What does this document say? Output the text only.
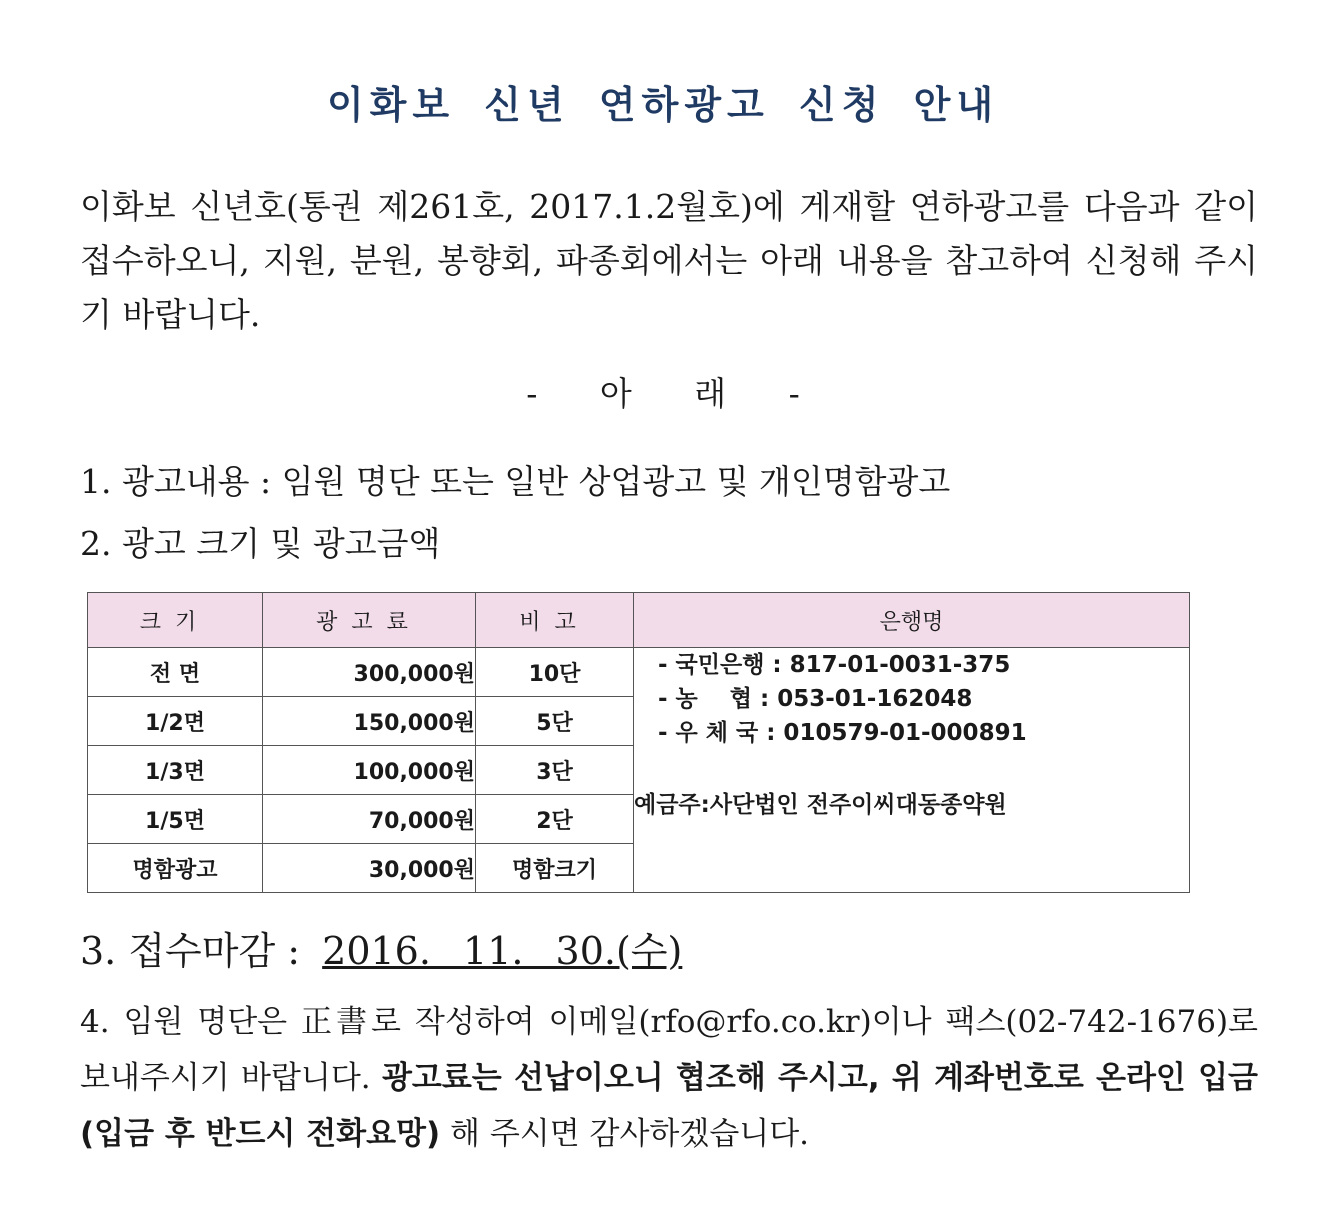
이화보 신년 연하광고 신청 안내

이화보 신년호(통권 제261호, 2017.1.2월호)에 게재할 연하광고를 다음과 같이 접수하오니, 지원, 분원, 봉향회, 파종회에서는 아래 내용을 참고하여 신청해 주시기 바랍니다.

- 아 래 -

1. 광고내용 : 임원 명단 또는 일반 상업광고 및 개인명함광고

2. 광고 크기 및 광고금액

크기	광고료	비고	은행명
전 면	300,000원	10단	- 국민은행 : 817-01-0031-375
- 농    협 : 053-01-162048
- 우 체 국 : 010579-01-000891
예금주:사단법인 전주이씨대동종약원

1/2면	150,000원	5단	
1/3면	100,000원	3단	
1/5면	70,000원	2단	
명함광고	30,000원	명함크기	

3. 접수마감 : 2016. 11. 30.(수)

4. 임원 명단은 正書로 작성하여 이메일(rfo@rfo.co.kr)이나 팩스(02-742-1676)로 보내주시기 바랍니다. 광고료는 선납이오니 협조해 주시고, 위 계좌번호로 온라인 입금(입금 후 반드시 전화요망) 해 주시면 감사하겠습니다.
